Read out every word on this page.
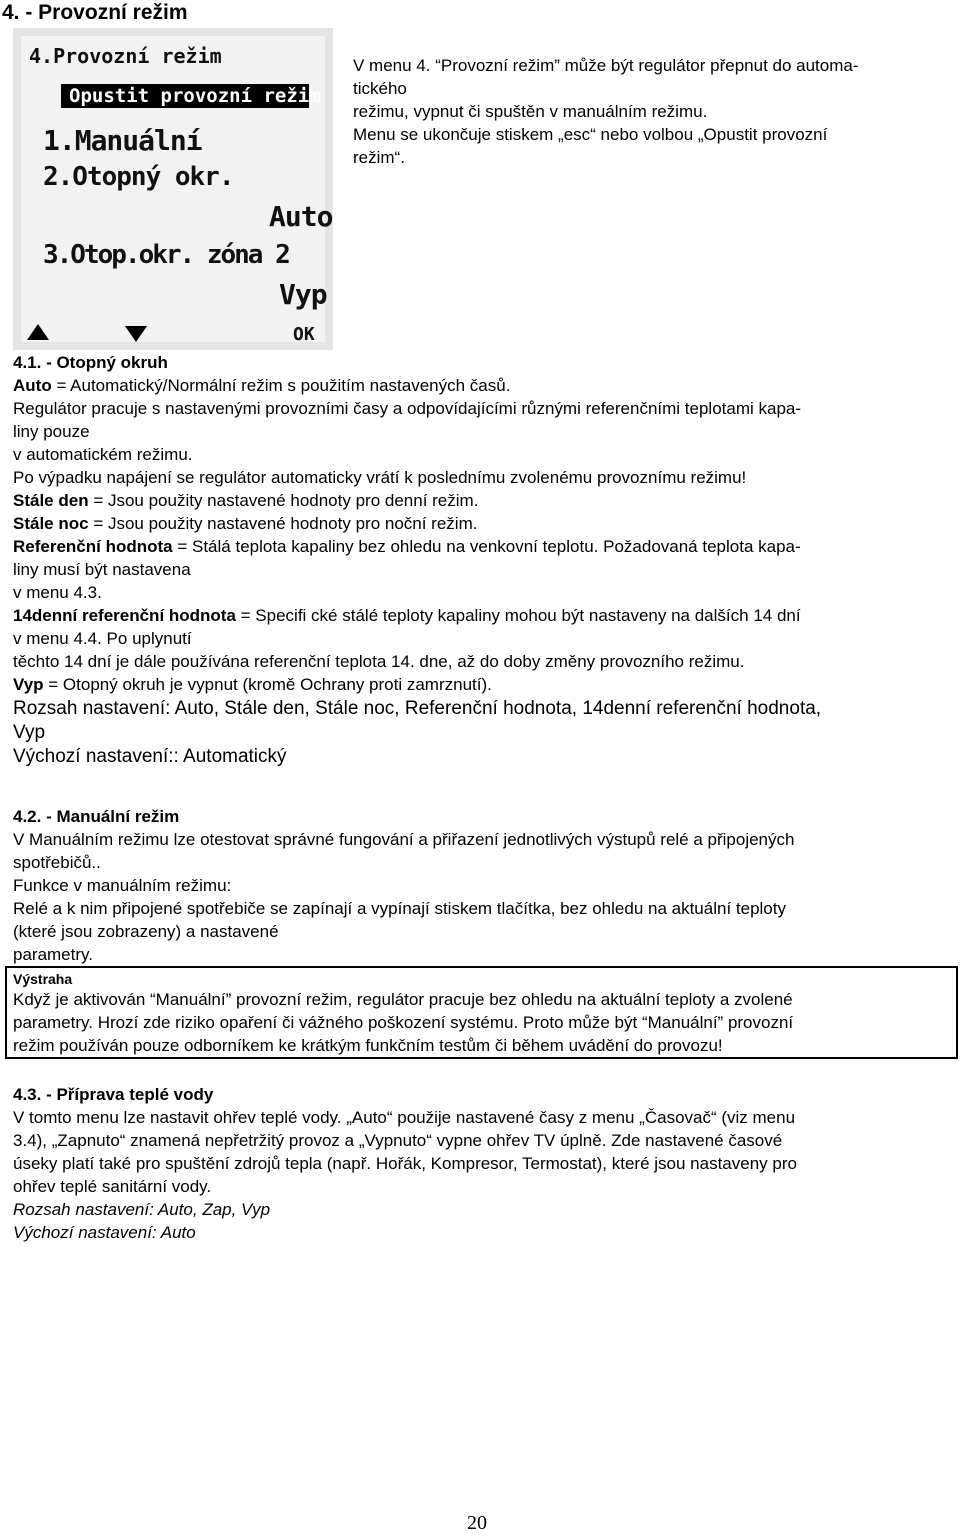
4. - Provozní režim
4.Provozní režim
Opustit provozní režim
1.Manuální
2.Otopný okr.
Auto
3.Otop.okr. zóna 2
Vyp
OK
V menu 4. “Provozní režim” může být regulátor přepnut do automa-
tického
režimu, vypnut či spuštěn v manuálním režimu.
Menu se ukončuje stiskem „esc“ nebo volbou „Opustit provozní
režim“.
4.1. - Otopný okruh
Auto = Automatický/Normální režim s použitím nastavených časů.
Regulátor pracuje s nastavenými provozními časy a odpovídajícími různými referenčními teplotami kapa-
liny pouze
v automatickém režimu.
Po výpadku napájení se regulátor automaticky vrátí k poslednímu zvolenému provoznímu režimu!
Stále den = Jsou použity nastavené hodnoty pro denní režim.
Stále noc = Jsou použity nastavené hodnoty pro noční režim.
Referenční hodnota = Stálá teplota kapaliny bez ohledu na venkovní teplotu. Požadovaná teplota kapa-
liny musí být nastavena
v menu 4.3.
14denní referenční hodnota = Specifi cké stálé teploty kapaliny mohou být nastaveny na dalších 14 dní
v menu 4.4. Po uplynutí
těchto 14 dní je dále používána referenční teplota 14. dne, až do doby změny provozního režimu.
Vyp = Otopný okruh je vypnut (kromě Ochrany proti zamrznutí).
Rozsah nastavení: Auto, Stále den, Stále noc, Referenční hodnota, 14denní referenční hodnota,
Vyp
Výchozí nastavení:: Automatický
4.2. - Manuální režim
V Manuálním režimu lze otestovat správné fungování a přiřazení jednotlivých výstupů relé a připojených
spotřebičů..
Funkce v manuálním režimu:
Relé a k nim připojené spotřebiče se zapínají a vypínají stiskem tlačítka, bez ohledu na aktuální teploty
(které jsou zobrazeny) a nastavené
parametry.
Výstraha
Když je aktivován “Manuální” provozní režim, regulátor pracuje bez ohledu na aktuální teploty a zvolené
parametry. Hrozí zde riziko opaření či vážného poškození systému. Proto může být “Manuální” provozní
režim používán pouze odborníkem ke krátkým funkčním testům či během uvádění do provozu!
4.3. - Příprava teplé vody
V tomto menu lze nastavit ohřev teplé vody. „Auto“ použije nastavené časy z menu „Časovač“ (viz menu
3.4), „Zapnuto“ znamená nepřetržitý provoz a „Vypnuto“ vypne ohřev TV úplně. Zde nastavené časové
úseky platí také pro spuštění zdrojů tepla (např. Hořák, Kompresor, Termostat), které jsou nastaveny pro
ohřev teplé sanitární vody.
Rozsah nastavení: Auto, Zap, Vyp
Výchozí nastavení: Auto
20
